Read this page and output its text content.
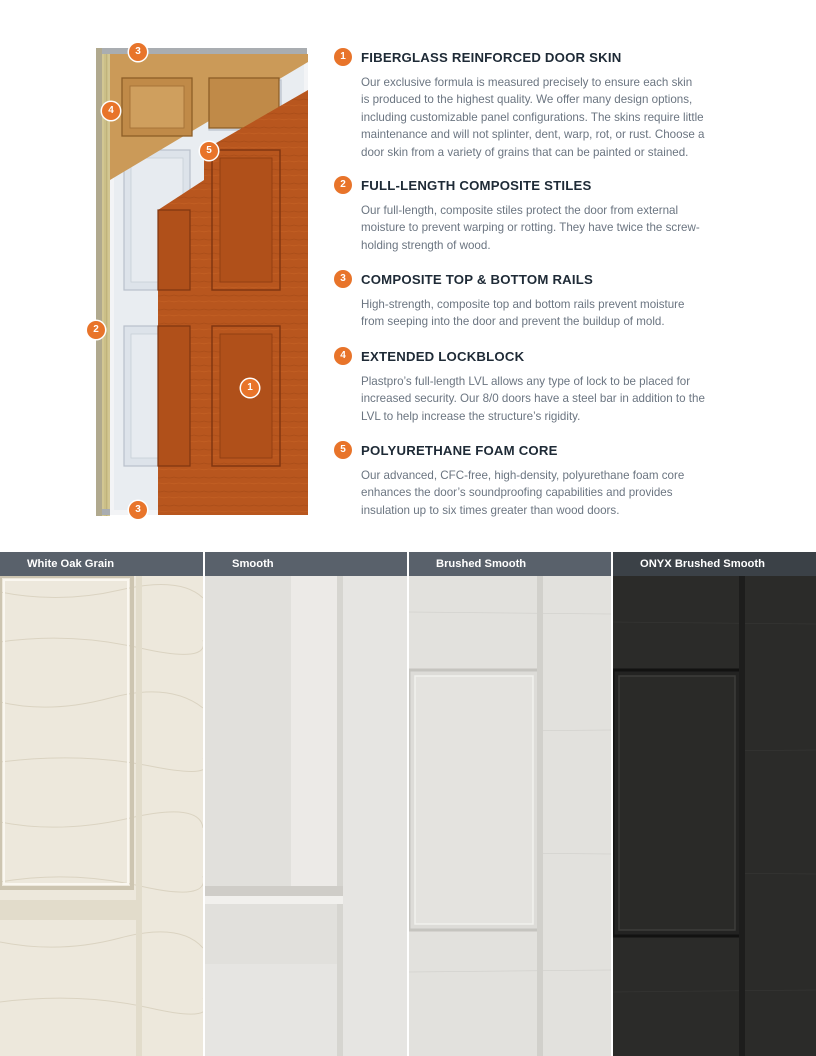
3
4
5
2
1
3
1	FIBERGLASS REINFORCED DOOR SKIN
Our exclusive formula is measured precisely to ensure each skin
is produced to the highest quality. We offer many design options,
including customizable panel configurations. The skins require little
maintenance and will not splinter, dent, warp, rot, or rust. Choose a
door skin from a variety of grains that can be painted or stained.
2	FULL-LENGTH COMPOSITE STILES
Our full-length, composite stiles protect the door from external
moisture to prevent warping or rotting. They have twice the screw-
holding strength of wood.
3	COMPOSITE TOP & BOTTOM RAILS
High-strength, composite top and bottom rails prevent moisture
from seeping into the door and prevent the buildup of mold.
4	EXTENDED LOCKBLOCK
Plastpro’s full-length LVL allows any type of lock to be placed for
increased security. Our 8/0 doors have a steel bar in addition to the
LVL to help increase the structure’s rigidity.
5	POLYURETHANE FOAM CORE
Our advanced, CFC-free, high-density, polyurethane foam core
enhances the door’s soundproofing capabilities and provides
insulation up to six times greater than wood doors.
White Oak Grain	Smooth	Brushed Smooth	ONYX Brushed Smooth
